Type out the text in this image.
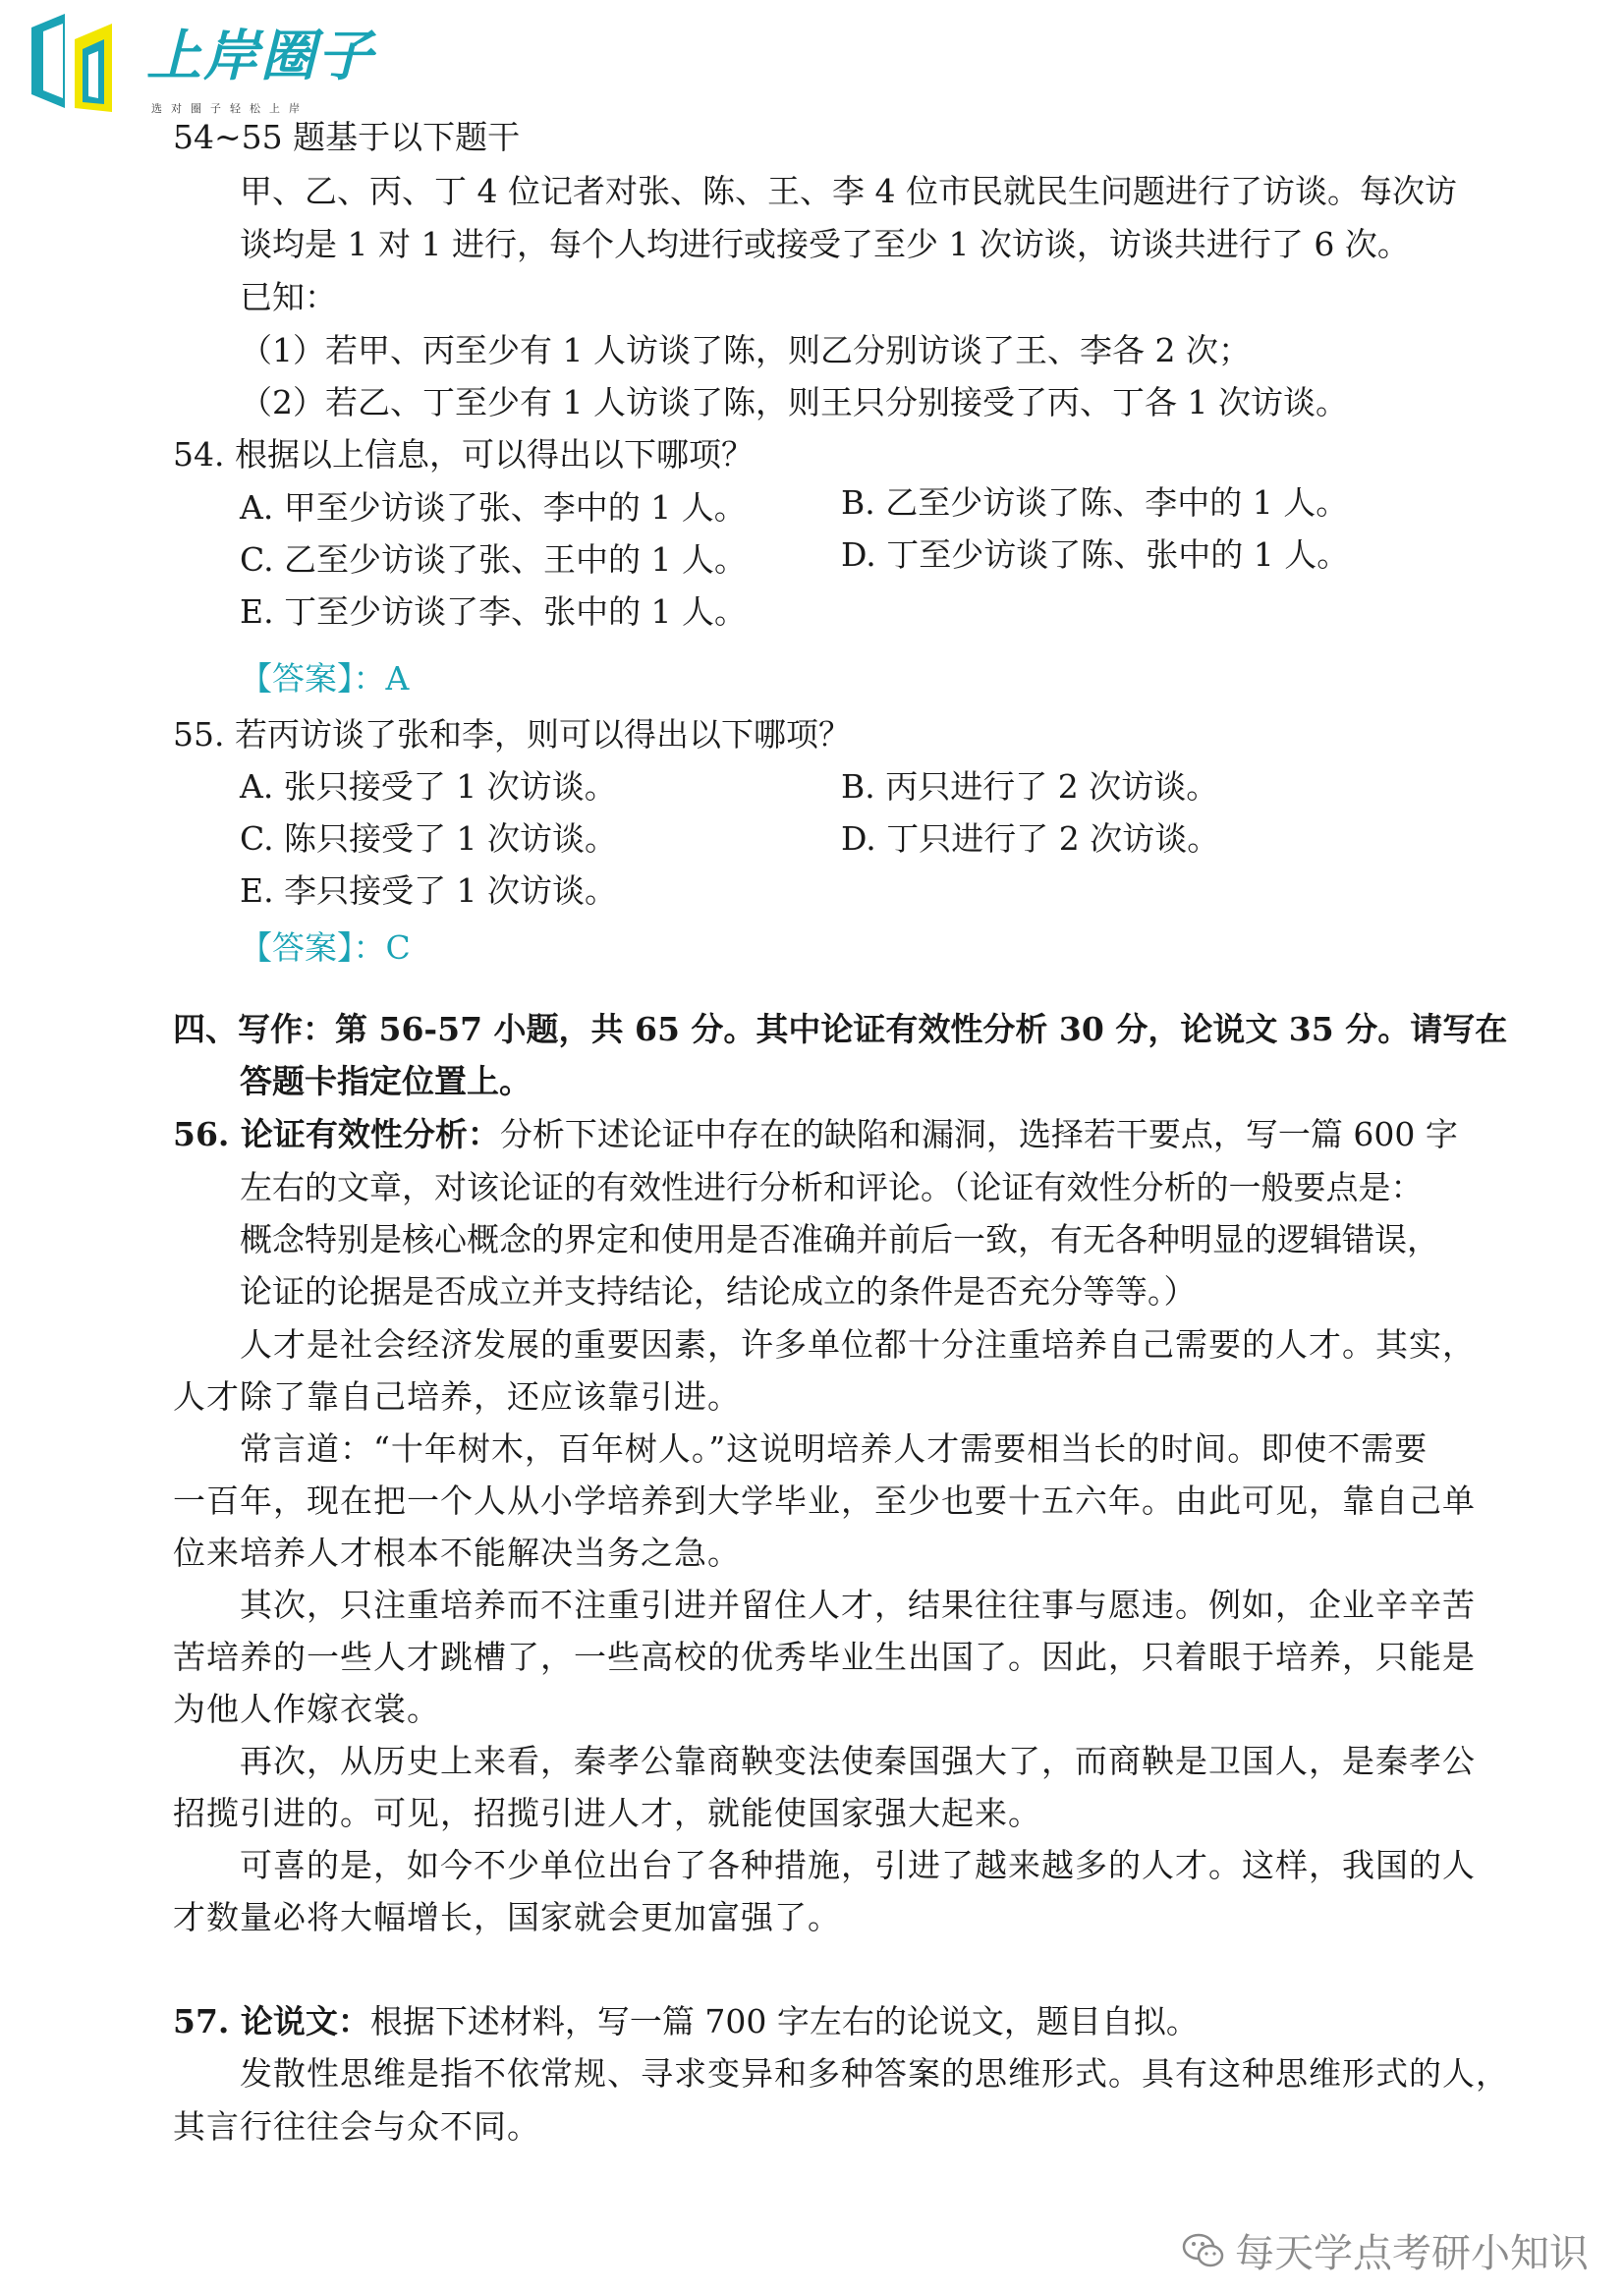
上岸圈子
选对圈子轻松上岸
54~55 题基于以下题干
甲、乙、丙、丁 4 位记者对张、陈、王、李 4 位市民就民生问题进行了访谈。每次访
谈均是 1 对 1 进行，每个人均进行或接受了至少 1 次访谈，访谈共进行了 6 次。
已知：
（1）若甲、丙至少有 1 人访谈了陈，则乙分别访谈了王、李各 2 次；
（2）若乙、丁至少有 1 人访谈了陈，则王只分别接受了丙、丁各 1 次访谈。
54. 根据以上信息，可以得出以下哪项？
A. 甲至少访谈了张、李中的 1 人。	B. 乙至少访谈了陈、李中的 1 人。
C. 乙至少访谈了张、王中的 1 人。	D. 丁至少访谈了陈、张中的 1 人。
E. 丁至少访谈了李、张中的 1 人。
【答案】：A
55. 若丙访谈了张和李，则可以得出以下哪项？
A. 张只接受了 1 次访谈。	B. 丙只进行了 2 次访谈。
C. 陈只接受了 1 次访谈。	D. 丁只进行了 2 次访谈。
E. 李只接受了 1 次访谈。
【答案】：C
四、写作：第 56-57 小题，共 65 分。其中论证有效性分析 30 分，论说文 35 分。请写在
答题卡指定位置上。
56. 论证有效性分析：分析下述论证中存在的缺陷和漏洞，选择若干要点，写一篇 600 字
左右的文章，对该论证的有效性进行分析和评论。（论证有效性分析的一般要点是：
概念特别是核心概念的界定和使用是否准确并前后一致，有无各种明显的逻辑错误，
论证的论据是否成立并支持结论，结论成立的条件是否充分等等。）
人才是社会经济发展的重要因素，许多单位都十分注重培养自己需要的人才。其实，
人才除了靠自己培养，还应该靠引进。
常言道：“十年树木，百年树人。”这说明培养人才需要相当长的时间。即使不需要
一百年，现在把一个人从小学培养到大学毕业，至少也要十五六年。由此可见，靠自己单
位来培养人才根本不能解决当务之急。
其次，只注重培养而不注重引进并留住人才，结果往往事与愿违。例如，企业辛辛苦
苦培养的一些人才跳槽了，一些高校的优秀毕业生出国了。因此，只着眼于培养，只能是
为他人作嫁衣裳。
再次，从历史上来看，秦孝公靠商鞅变法使秦国强大了，而商鞅是卫国人，是秦孝公
招揽引进的。可见，招揽引进人才，就能使国家强大起来。
可喜的是，如今不少单位出台了各种措施，引进了越来越多的人才。这样，我国的人
才数量必将大幅增长，国家就会更加富强了。
57. 论说文：根据下述材料，写一篇 700 字左右的论说文，题目自拟。
发散性思维是指不依常规、寻求变异和多种答案的思维形式。具有这种思维形式的人，
其言行往往会与众不同。
每天学点考研小知识
